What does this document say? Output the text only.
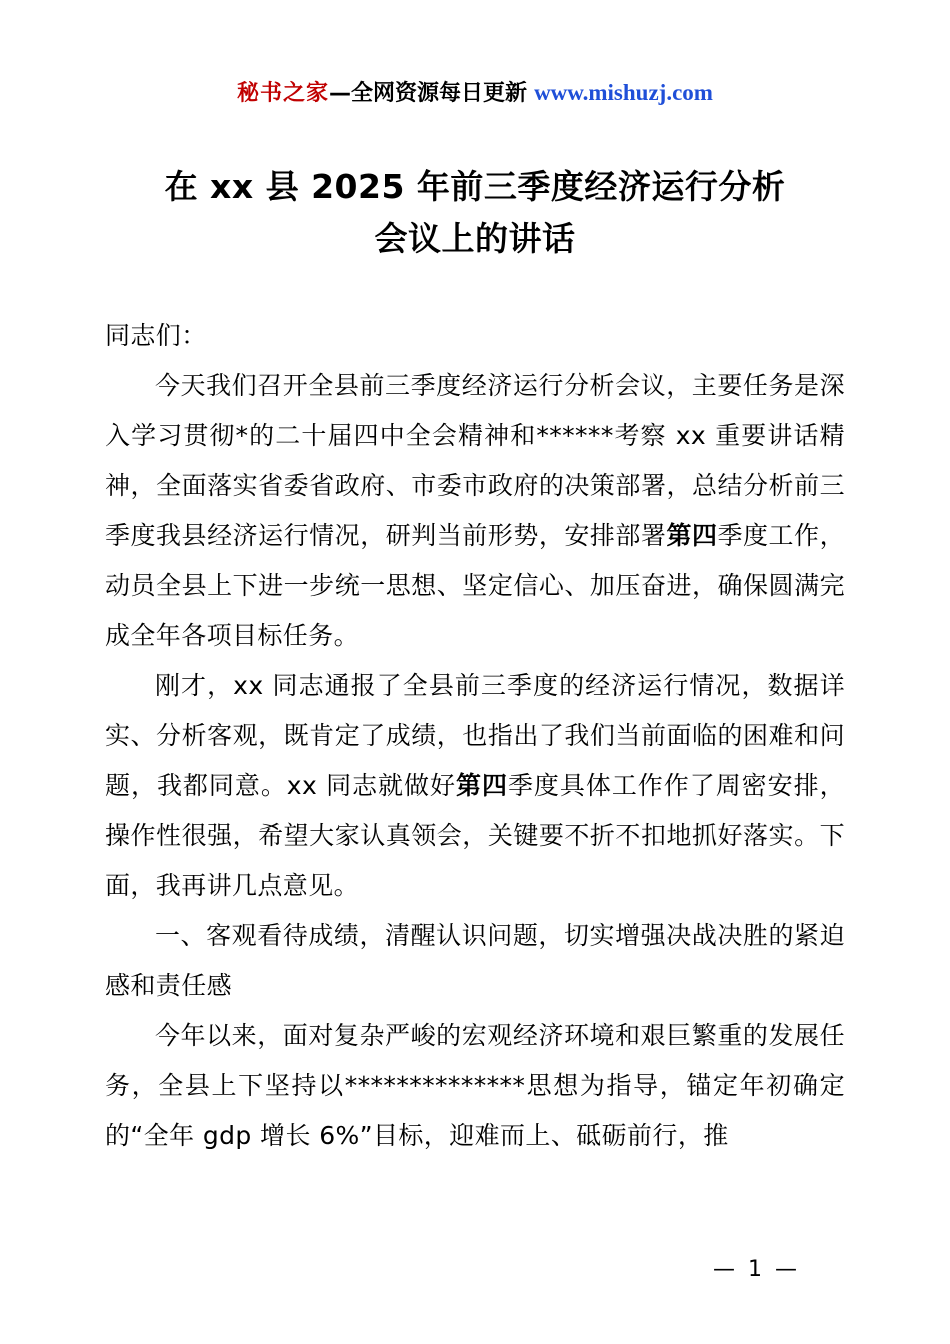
秘书之家—全网资源每日更新 www.mishuzj.com
在 xx 县 2025 年前三季度经济运行分析
会议上的讲话

同志们：

今天我们召开全县前三季度经济运行分析会议，主要任务是深入学习贯彻*的二十届四中全会精神和******考察 xx 重要讲话精神，全面落实省委省政府、市委市政府的决策部署，总结分析前三季度我县经济运行情况，研判当前形势，安排部署第四季度工作，动员全县上下进一步统一思想、坚定信心、加压奋进，确保圆满完成全年各项目标任务。

刚才，xx 同志通报了全县前三季度的经济运行情况，数据详实、分析客观，既肯定了成绩，也指出了我们当前面临的困难和问题，我都同意。xx 同志就做好第四季度具体工作作了周密安排，操作性很强，希望大家认真领会，关键要不折不扣地抓好落实。下面，我再讲几点意见。

一、客观看待成绩，清醒认识问题，切实增强决战决胜的紧迫感和责任感

今年以来，面对复杂严峻的宏观经济环境和艰巨繁重的发展任务，全县上下坚持以**************思想为指导，锚定年初确定的“全年 gdp 增长 6%”目标，迎难而上、砥砺前行，推

— 1 —
